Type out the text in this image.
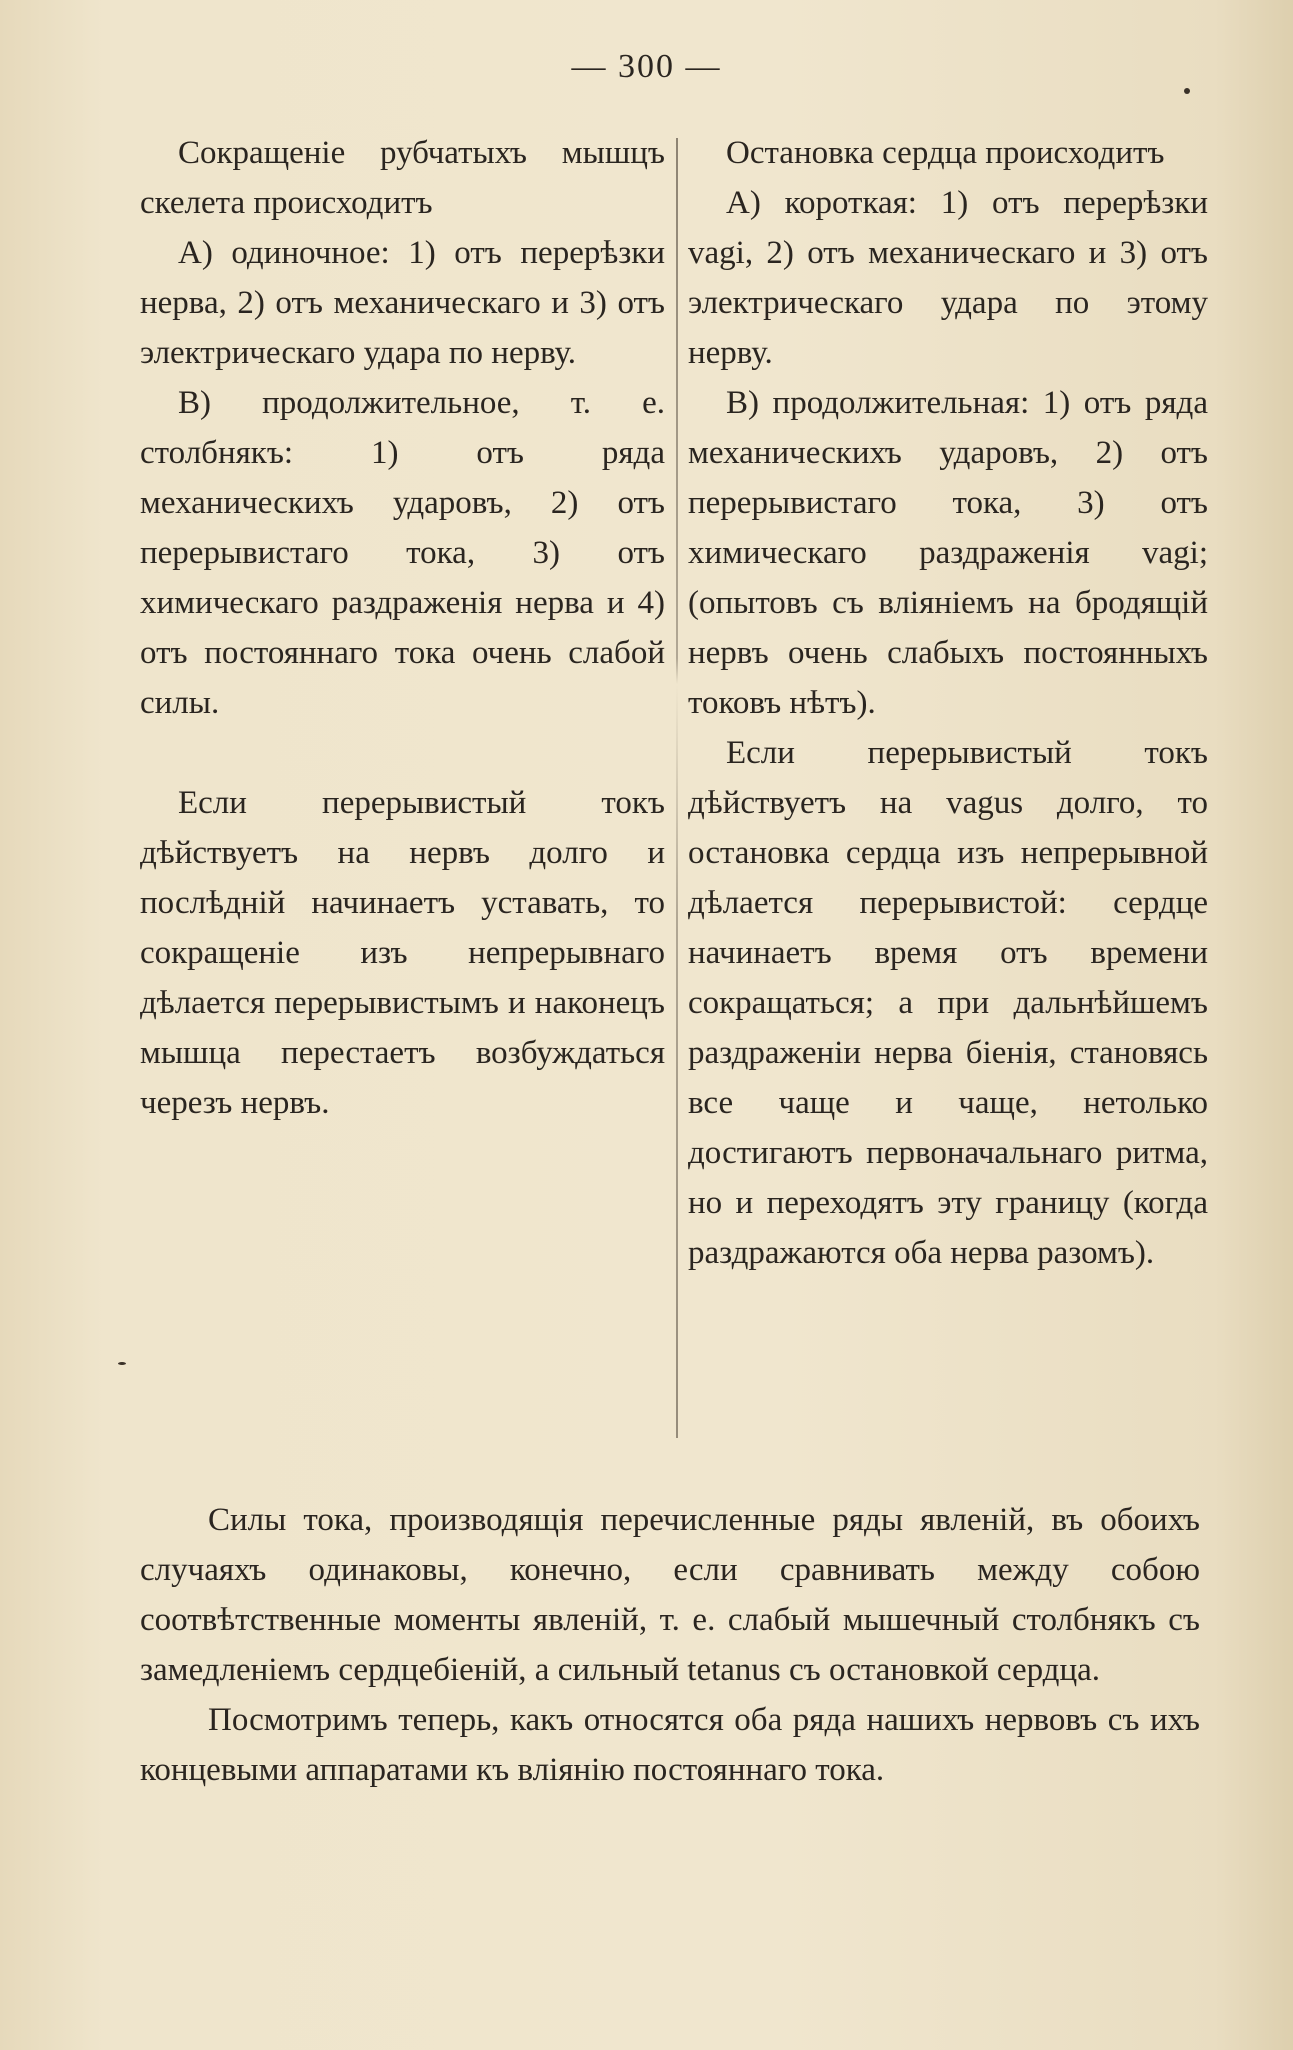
— 300 —

Сокращеніе рубчатыхъ мышцъ скелета происходитъ

А) одиночное: 1) отъ перерѣзки нерва, 2) отъ механическаго и 3) отъ электрическаго удара по нерву.

В) продолжительное, т. е. столбнякъ: 1) отъ ряда механическихъ ударовъ, 2) отъ перерывистаго тока, 3) отъ химическаго раздраженія нерва и 4) отъ постояннаго тока очень слабой силы.

Если перерывистый токъ дѣйствуетъ на нервъ долго и послѣдній начинаетъ уставать, то сокращеніе изъ непрерывнаго дѣлается перерывистымъ и наконецъ мышца перестаетъ возбуждаться черезъ нервъ.

Остановка сердца происходитъ

А) короткая: 1) отъ перерѣзки vagi, 2) отъ механическаго и 3) отъ электрическаго удара по этому нерву.

В) продолжительная: 1) отъ ряда механическихъ ударовъ, 2) отъ перерывистаго тока, 3) отъ химическаго раздраженія vagi; (опытовъ съ вліяніемъ на бродящій нервъ очень слабыхъ постоянныхъ токовъ нѣтъ).

Если перерывистый токъ дѣйствуетъ на vagus долго, то остановка сердца изъ непрерывной дѣлается перерывистой: сердце начинаетъ время отъ времени сокращаться; а при дальнѣйшемъ раздраженіи нерва біенія, становясь все чаще и чаще, нетолько достигаютъ первоначальнаго ритма, но и переходятъ эту границу (когда раздражаются оба нерва разомъ).

Силы тока, производящія перечисленные ряды явленій, въ обоихъ случаяхъ одинаковы, конечно, если сравнивать между собою соотвѣтственные моменты явленій, т. е. слабый мышечный столбнякъ съ замедленіемъ сердцебіеній, а сильный tetanus съ остановкой сердца.

Посмотримъ теперь, какъ относятся оба ряда нашихъ нервовъ съ ихъ концевыми аппаратами къ вліянію постояннаго тока.
